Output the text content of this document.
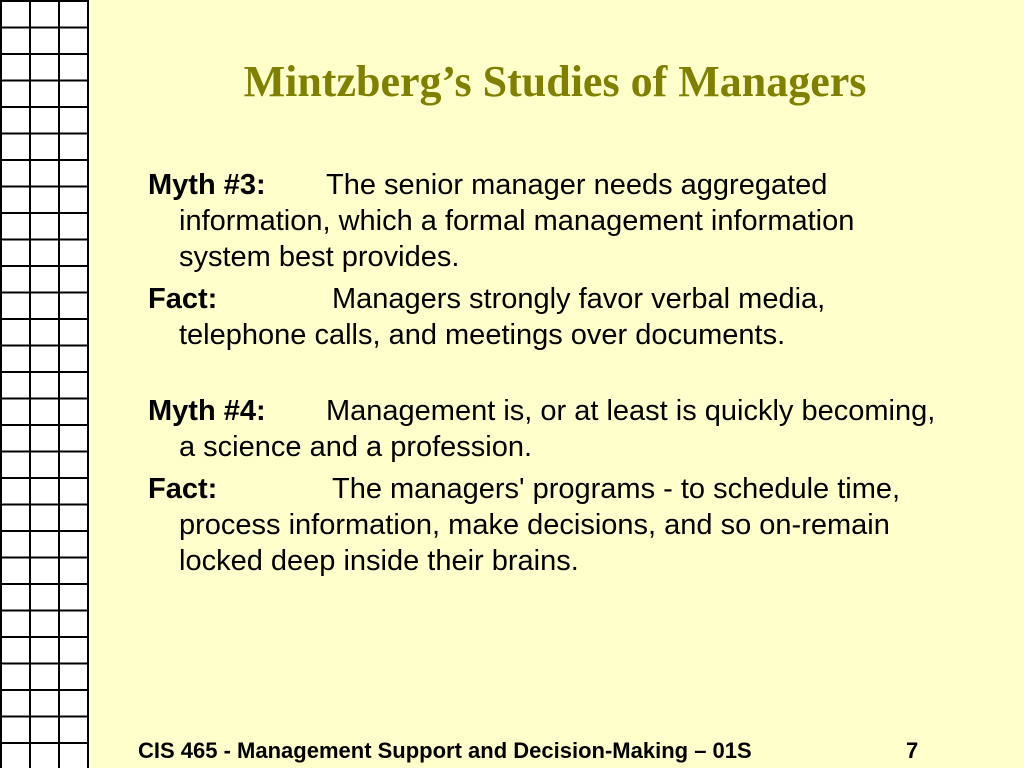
Mintzberg’s Studies of Managers

Myth #3: The senior manager needs aggregated information, which a formal management information system best provides.

Fact:	Managers strongly favor verbal media, telephone calls, and meetings over documents.

Myth #4: Management is, or at least is quickly becoming, a science and a profession.

Fact:	The managers' programs - to schedule time, process information, make decisions, and so on-remain locked deep inside their brains.

CIS 465 - Management Support and Decision-Making – 01S	7
